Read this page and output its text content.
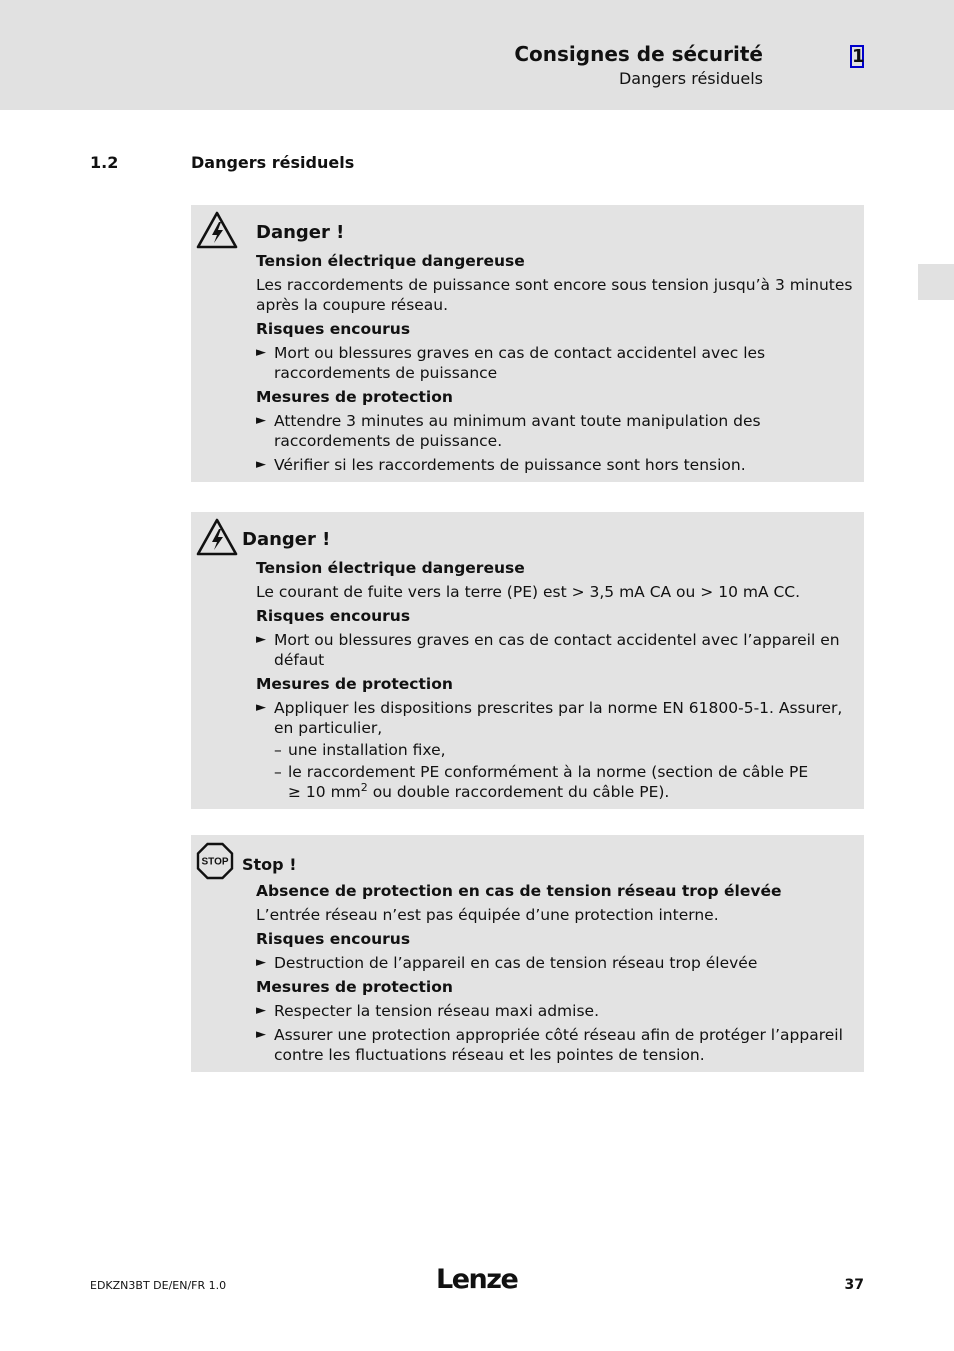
Consignes de sécurité
Dangers résiduels
1
1.2	Dangers résiduels
Danger !
Tension électrique dangereuse
Les raccordements de puissance sont encore sous tension jusqu’à 3 minutes après la coupure réseau.
Risques encourus
► Mort ou blessures graves en cas de contact accidentel avec les raccordements de puissance
Mesures de protection
► Attendre 3 minutes au minimum avant toute manipulation des raccordements de puissance.
► Vérifier si les raccordements de puissance sont hors tension.
Danger !
Tension électrique dangereuse
Le courant de fuite vers la terre (PE) est > 3,5 mA CA ou > 10 mA CC.
Risques encourus
► Mort ou blessures graves en cas de contact accidentel avec l’appareil en défaut
Mesures de protection
► Appliquer les dispositions prescrites par la norme EN 61800-5-1. Assurer, en particulier,
– une installation fixe,
– le raccordement PE conformément à la norme (section de câble PE
≥ 10 $mm^2$ ou double raccordement du câble PE).
STOP Stop !
Absence de protection en cas de tension réseau trop élevée
L’entrée réseau n’est pas équipée d’une protection interne.
Risques encourus
► Destruction de l’appareil en cas de tension réseau trop élevée
Mesures de protection
► Respecter la tension réseau maxi admise.
► Assurer une protection appropriée côté réseau afin de protéger l’appareil contre les fluctuations réseau et les pointes de tension.
EDKZN3BT DE/EN/FR 1.0	Lenze	37
